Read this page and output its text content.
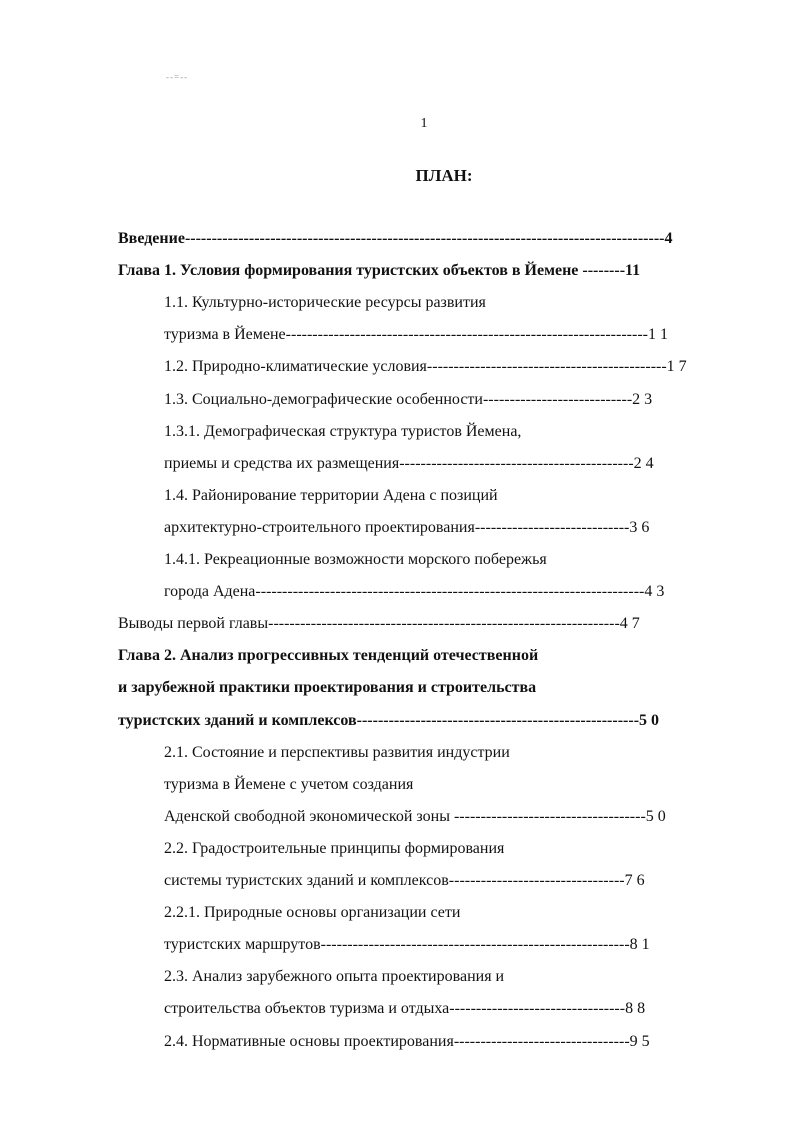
--=--
1
ПЛАН:
Введение------------------------------------------------------------------------------------------4
Глава 1. Условия формирования туристских объектов в Йемене --------11
1.1. Культурно-исторические ресурсы развития
туризма в Йемене--------------------------------------------------------------------1 1
1.2. Природно-климатические условия---------------------------------------------1 7
1.3. Социально-демографические особенности----------------------------2 3
1.3.1. Демографическая структура туристов Йемена,
приемы и средства их размещения--------------------------------------------2 4
1.4. Районирование территории Адена с позиций
архитектурно-строительного проектирования-----------------------------3 6
1.4.1. Рекреационные возможности морского побережья
города Адена-------------------------------------------------------------------------4 3
Выводы первой главы------------------------------------------------------------------4 7
Глава 2. Анализ прогрессивных тенденций отечественной
и зарубежной практики проектирования и строительства
туристских зданий и комплексов-----------------------------------------------------5 0
2.1. Состояние и перспективы развития индустрии
туризма в Йемене с учетом создания
Аденской свободной экономической зоны ------------------------------------5 0
2.2. Градостроительные принципы формирования
системы туристских зданий и комплексов---------------------------------7 6
2.2.1. Природные основы организации сети
туристских маршрутов----------------------------------------------------------8 1
2.3. Анализ зарубежного опыта проектирования и
строительства объектов туризма и отдыха---------------------------------8 8
2.4. Нормативные основы проектирования---------------------------------9 5
